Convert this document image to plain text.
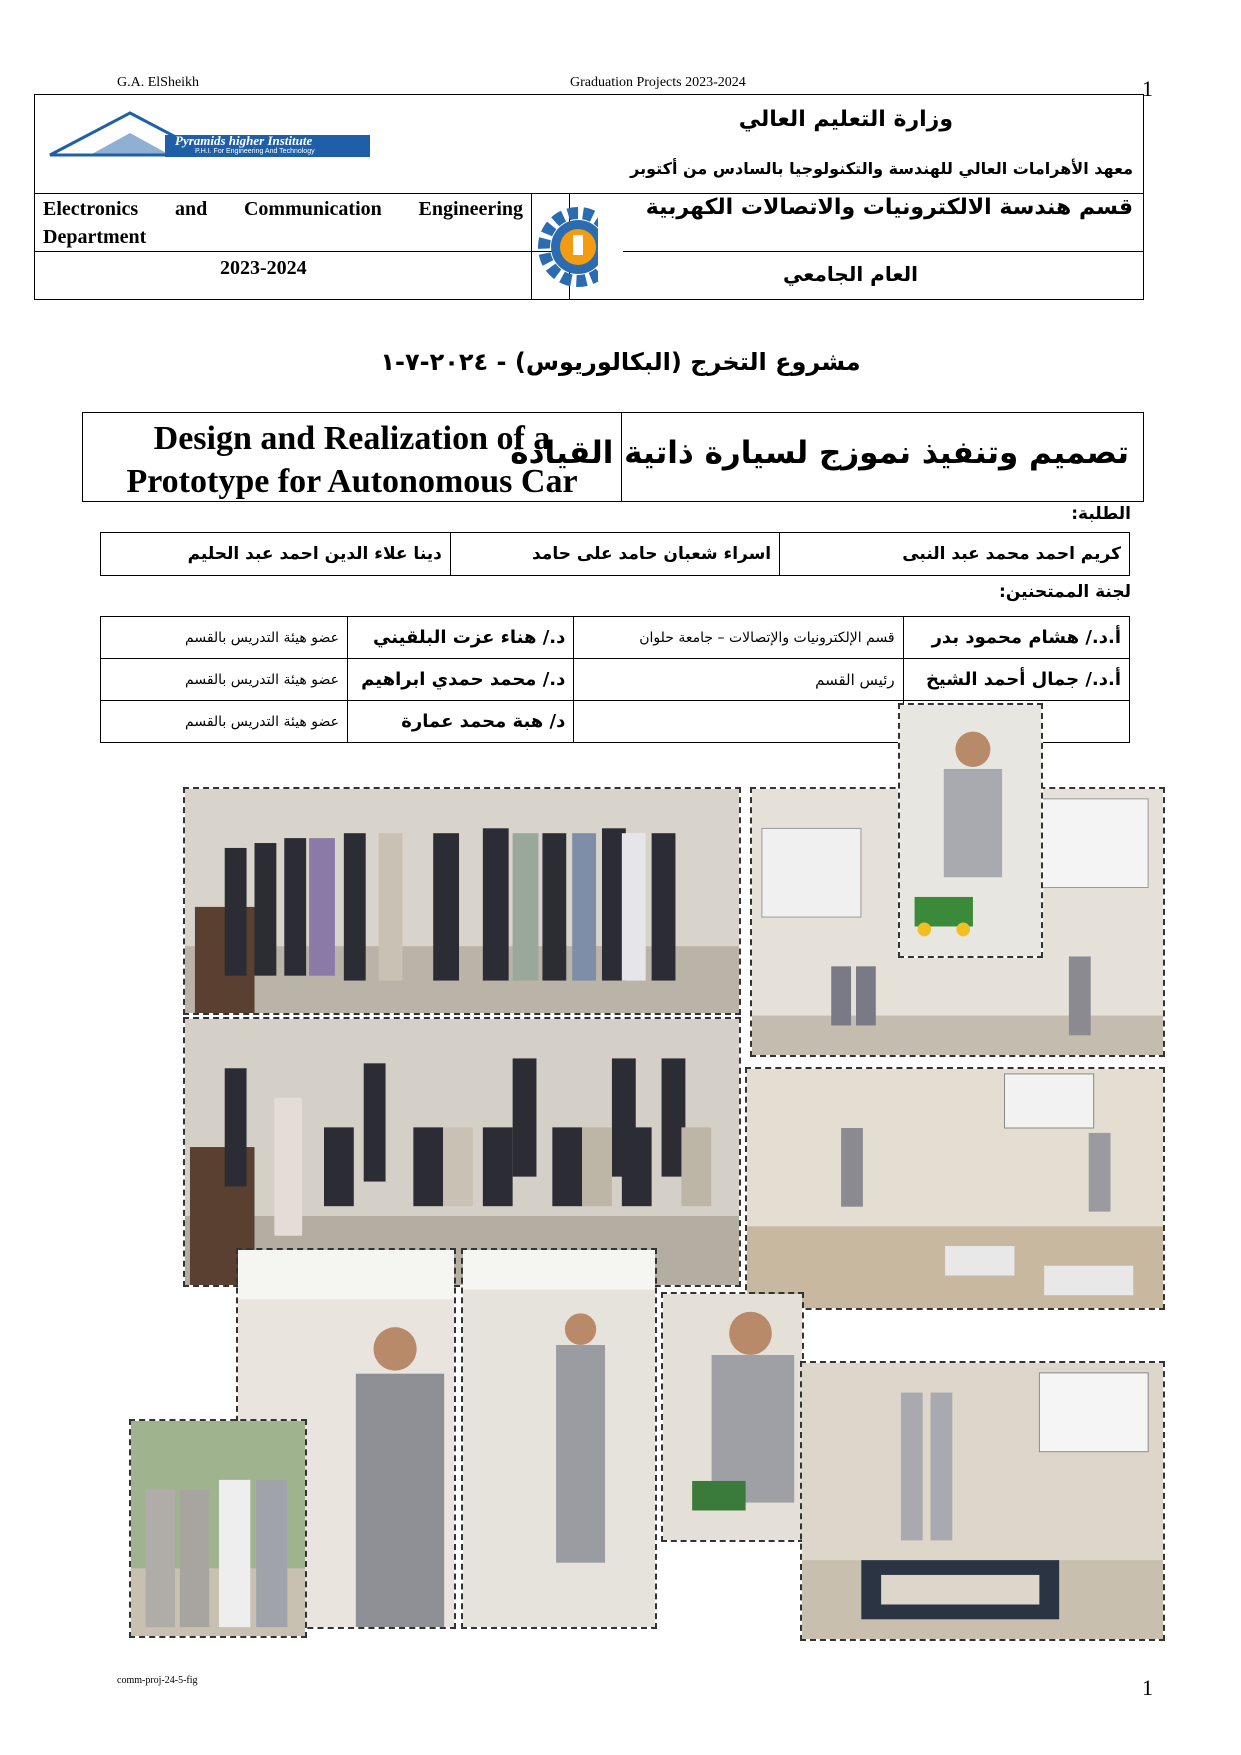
G.A. ElSheikh	Graduation Projects 2023-2024	1
Pyramids higher Institute
P.H.I. For Engineering And Technology
وزارة التعليم العالي
معهد الأهرامات العالي للهندسة والتكنولوجيا بالسادس من أكتوبر
Electronics and Communication Engineering Department
قسم هندسة الالكترونيات والاتصالات الكهربية
2023-2024	العام الجامعي
مشروع التخرج (البكالوريوس) - ٢٠٢٤-٧-١
Design and Realization of a Prototype for Autonomous Car
تصميم وتنفيذ نموزج لسيارة ذاتية القيادة
الطلبة:
كريم احمد محمد عبد النبى	اسراء شعبان حامد على حامد	دينا علاء الدين احمد عبد الحليم
لجنة الممتحنين:
أ.د./ هشام محمود بدر	قسم الإلكترونيات والإتصالات – جامعة حلوان	د./ هناء عزت البلقيني	عضو هيئة التدريس بالقسم
أ.د./ جمال أحمد الشيخ	رئيس القسم	د./ محمد حمدي ابراهيم	عضو هيئة التدريس بالقسم
		د/ هبة محمد عمارة	عضو هيئة التدريس بالقسم
comm-proj-24-5-fig	1
